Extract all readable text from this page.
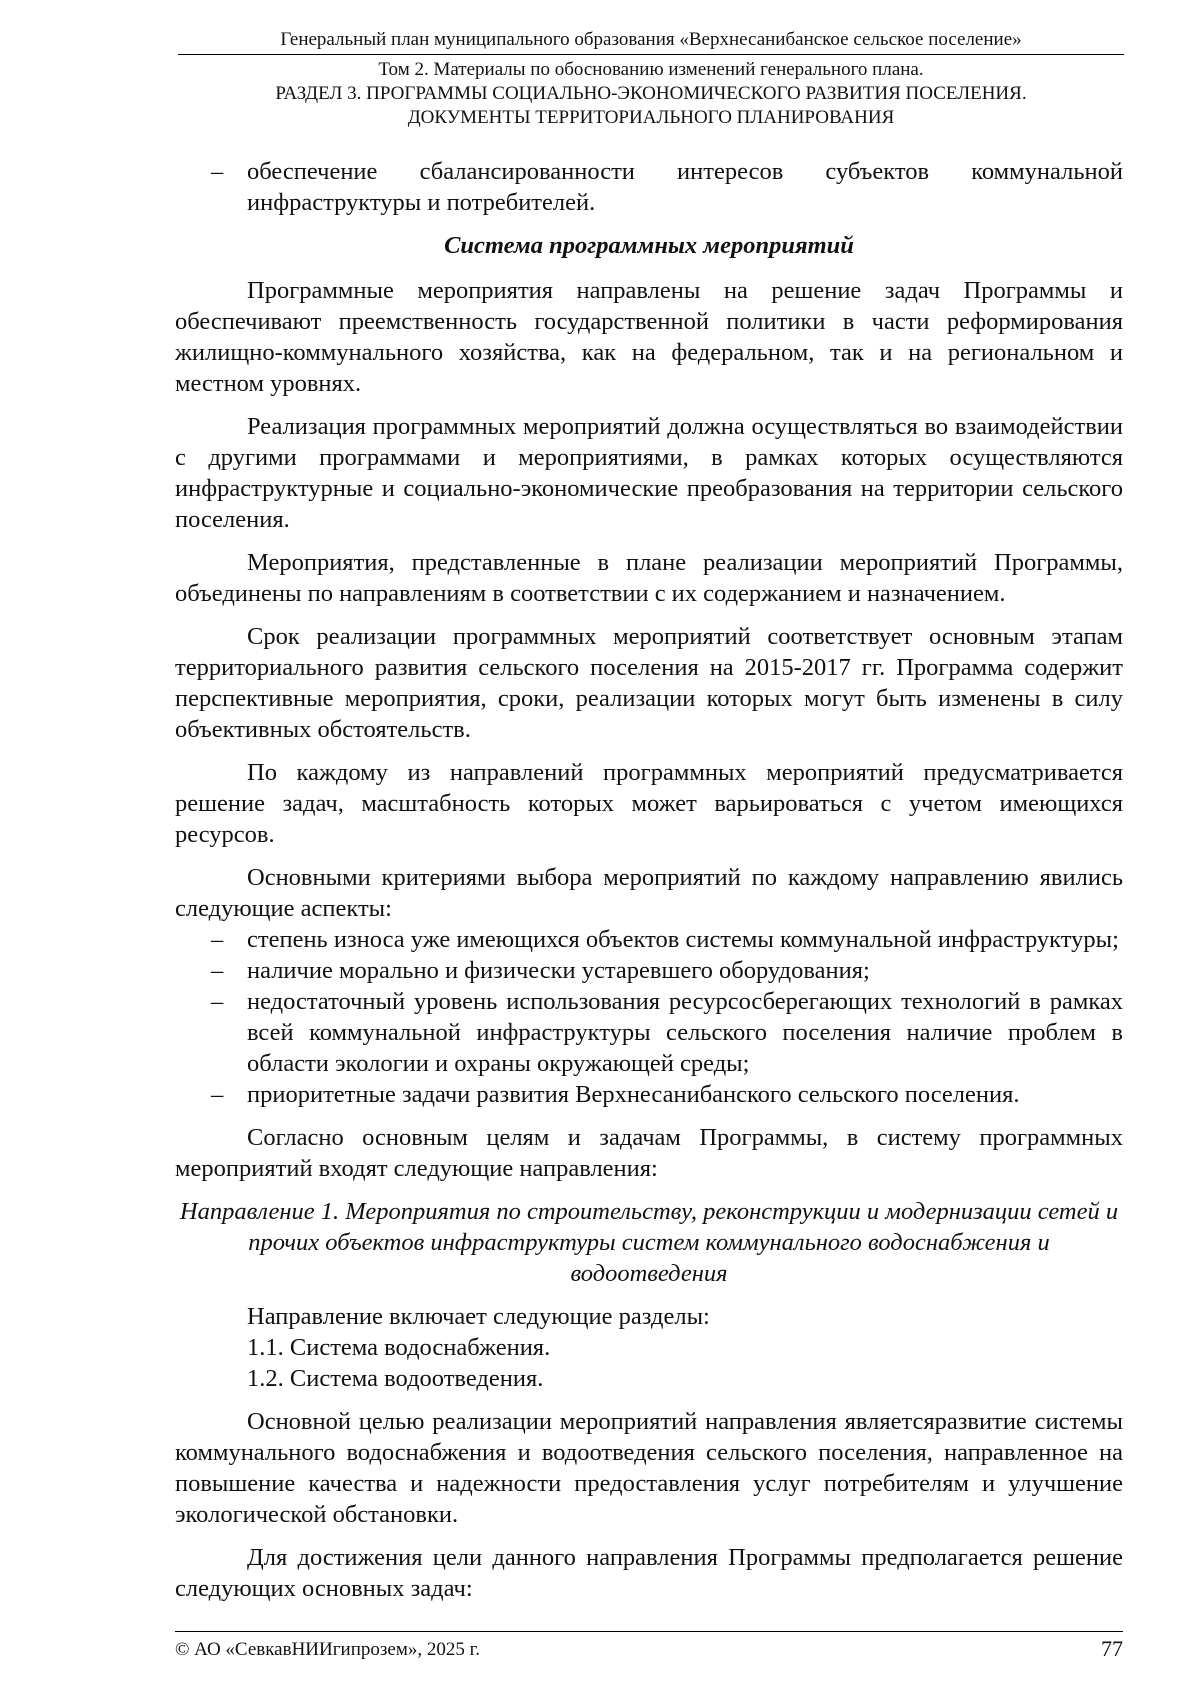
Генеральный план муниципального образования «Верхнесанибанское сельское поселение»
Том 2. Материалы по обоснованию изменений генерального плана.
РАЗДЕЛ 3. ПРОГРАММЫ СОЦИАЛЬНО-ЭКОНОМИЧЕСКОГО РАЗВИТИЯ ПОСЕЛЕНИЯ.
ДОКУМЕНТЫ ТЕРРИТОРИАЛЬНОГО ПЛАНИРОВАНИЯ
– обеспечение сбалансированности интересов субъектов коммунальной инфраструктуры и потребителей.

Система программных мероприятий

Программные мероприятия направлены на решение задач Программы и обеспечивают преемственность государственной политики в части реформирования жилищно-коммунального хозяйства, как на федеральном, так и на региональном и местном уровнях.

Реализация программных мероприятий должна осуществляться во взаимодействии с другими программами и мероприятиями, в рамках которых осуществляются инфраструктурные и социально-экономические преобразования на территории сельского поселения.

Мероприятия, представленные в плане реализации мероприятий Программы, объединены по направлениям в соответствии с их содержанием и назначением.

Срок реализации программных мероприятий соответствует основным этапам территориального развития сельского поселения на 2015-2017 гг. Программа содержит перспективные мероприятия, сроки, реализации которых могут быть изменены в силу объективных обстоятельств.

По каждому из направлений программных мероприятий предусматривается решение задач, масштабность которых может варьироваться с учетом имеющихся ресурсов.

Основными критериями выбора мероприятий по каждому направлению явились следующие аспекты:

– степень износа уже имеющихся объектов системы коммунальной инфраструктуры;
– наличие морально и физически устаревшего оборудования;
– недостаточный уровень использования ресурсосберегающих технологий в рамках всей коммунальной инфраструктуры сельского поселения наличие проблем в области экологии и охраны окружающей среды;
– приоритетные задачи развития Верхнесанибанского сельского поселения.

Согласно основным целям и задачам Программы, в систему программных мероприятий входят следующие направления:

Направление 1. Мероприятия по строительству, реконструкции и модернизации сетей и прочих объектов инфраструктуры систем коммунального водоснабжения и водоотведения

Направление включает следующие разделы:

1.1. Система водоснабжения.

1.2. Система водоотведения.

Основной целью реализации мероприятий направления являетсяразвитие системы коммунального водоснабжения и водоотведения сельского поселения, направленное на повышение качества и надежности предоставления услуг потребителям и улучшение экологической обстановки.

Для достижения цели данного направления Программы предполагается решение следующих основных задач:

© АО «СевкавНИИгипрозем», 2025 г.	77
